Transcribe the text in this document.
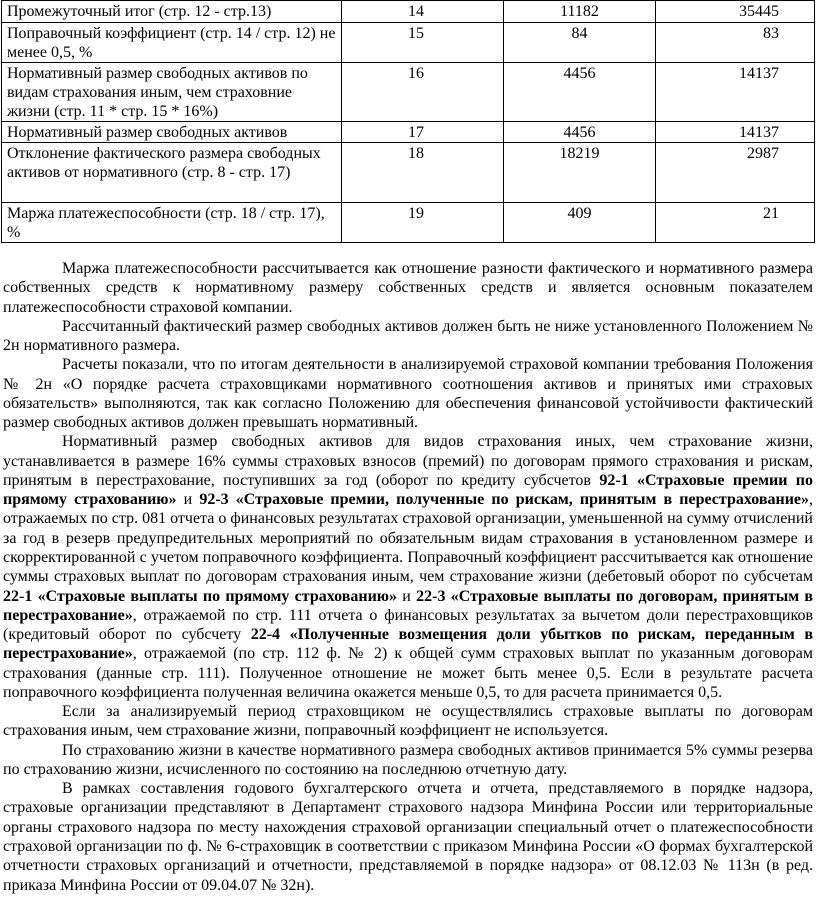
Промежуточный итог (стр. 12 - стр.13)	14	11182	35445
Поправочный коэффициент (стр. 14 / стр. 12) не менее 0,5, %	15	84	83
Нормативный размер свободных активов по видам страхования иным, чем страховние жизни (стр. 11 * стр. 15 * 16%)	16	4456	14137
Нормативный размер свободных активов	17	4456	14137
Отклонение фактического размера свободных активов от нормативного (стр. 8 - стр. 17)	18	18219	2987
Маржа платежеспособности (стр. 18 / стр. 17), %	19	409	21

Маржа платежеспособности рассчитывается как отношение разности фактического и нормативного размера собственных средств к нормативному размеру собственных средств и является основным показателем платежеспособности страховой компании.

Рассчитанный фактический размер свободных активов должен быть не ниже установленного Положением № 2н нормативного размера.

Расчеты показали, что по итогам деятельности в анализируемой страховой компании требования Положения № 2н «О порядке расчета страховщиками нормативного соотношения активов и принятых ими страховых обязательств» выполняются, так как согласно Положению для обеспечения финансовой устойчивости фактический размер свободных активов должен превышать нормативный.

Нормативный размер свободных активов для видов страхования иных, чем страхование жизни, устанавливается в размере 16% суммы страховых взносов (премий) по договорам прямого страхования и рискам, принятым в перестрахование, поступивших за год (оборот по кредиту субсчетов 92-1 «Страховые премии по прямому страхованию» и 92-3 «Страховые премии, полученные по рискам, принятым в перестрахование», отражаемых по стр. 081 отчета о финансовых результатах страховой организации, уменьшенной на сумму отчислений за год в резерв предупредительных мероприятий по обязательным видам страхования в установленном размере и скорректированной с учетом поправочного коэффициента. Поправочный коэффициент рассчитывается как отношение суммы страховых выплат по договорам страхования иным, чем страхование жизни (дебетовый оборот по субсчетам 22-1 «Страховые выплаты по прямому страхованию» и 22-3 «Страховые выплаты по договорам, принятым в перестрахование», отражаемой по стр. 111 отчета о финансовых результатах за вычетом доли перестраховщиков (кредитовый оборот по субсчету 22-4 «Полученные возмещения доли убытков по рискам, переданным в перестрахование», отражаемой (по стр. 112 ф. № 2) к общей сумм страховых выплат по указанным договорам страхования (данные стр. 111). Полученное отношение не может быть менее 0,5. Если в результате расчета поправочного коэффициента полученная величина окажется меньше 0,5, то для расчета принимается 0,5.

Если за анализируемый период страховщиком не осуществлялись страховые выплаты по договорам страхования иным, чем страхование жизни, поправочный коэффициент не используется.

По страхованию жизни в качестве нормативного размера свободных активов принимается 5% суммы резерва по страхованию жизни, исчисленного по состоянию на последнюю отчетную дату.

В рамках составления годового бухгалтерского отчета и отчета, представляемого в порядке надзора, страховые организации представляют в Департамент страхового надзора Минфина России или территориальные органы страхового надзора по месту нахождения страховой организации специальный отчет о платежеспособности страховой организации по ф. № 6-страховщик в соответствии с приказом Минфина России «О формах бухгалтерской отчетности страховых организаций и отчетности, представляемой в порядке надзора» от 08.12.03 № 113н (в ред. приказа Минфина России от 09.04.07 № 32н).
